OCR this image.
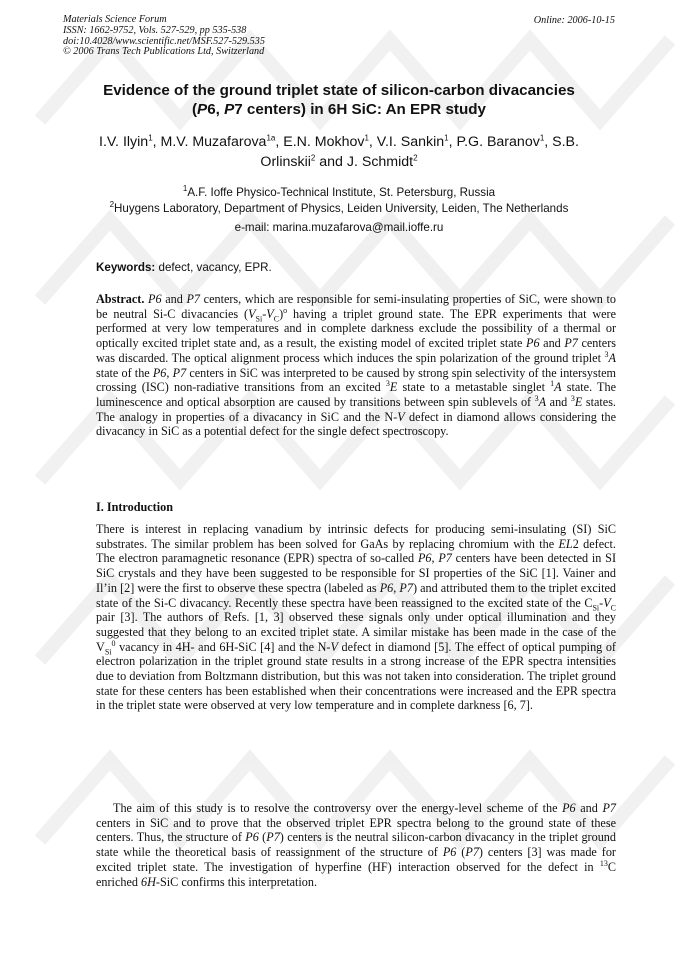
Materials Science Forum
ISSN: 1662-9752, Vols. 527-529, pp 535-538
doi:10.4028/www.scientific.net/MSF.527-529.535
© 2006 Trans Tech Publications Ltd, Switzerland
Online: 2006-10-15
Evidence of the ground triplet state of silicon-carbon divacancies
(P6, P7 centers) in 6H SiC: An EPR study
I.V. Ilyin$^1$, M.V. Muzafarova$^{1a}$, E.N. Mokhov$^1$, V.I. Sankin$^1$, P.G. Baranov$^1$, S.B. Orlinskii$^2$ and J. Schmidt$^2$
$^1$A.F. Ioffe Physico-Technical Institute, St. Petersburg, Russia
$^2$Huygens Laboratory, Department of Physics, Leiden University, Leiden, The Netherlands
e-mail: marina.muzafarova@mail.ioffe.ru
Keywords: defect, vacancy, EPR.

Abstract. P6 and P7 centers, which are responsible for semi-insulating properties of SiC, were shown to be neutral Si-C divacancies $(V_{Si}-V_C)^o$ having a triplet ground state. The EPR experiments that were performed at very low temperatures and in complete darkness exclude the possibility of a thermal or optically excited triplet state and, as a result, the existing model of excited triplet state P6 and P7 centers was discarded. The optical alignment process which induces the spin polarization of the ground triplet $^3$A state of the P6, P7 centers in SiC was interpreted to be caused by strong spin selectivity of the intersystem crossing (ISC) non-radiative transitions from an excited $^3$E state to a metastable singlet $^1$A state. The luminescence and optical absorption are caused by transitions between spin sublevels of $^3$A and $^3$E states. The analogy in properties of a divacancy in SiC and the N-V defect in diamond allows considering the divacancy in SiC as a potential defect for the single defect spectroscopy.

I. Introduction

There is interest in replacing vanadium by intrinsic defects for producing semi-insulating (SI) SiC substrates. The similar problem has been solved for GaAs by replacing chromium with the EL2 defect. The electron paramagnetic resonance (EPR) spectra of so-called P6, P7 centers have been detected in SI SiC crystals and they have been suggested to be responsible for SI properties of the SiC [1]. Vainer and Il’in [2] were the first to observe these spectra (labeled as P6, P7) and attributed them to the triplet excited state of the Si-C divacancy. Recently these spectra have been reassigned to the excited state of the $C_{Si}-V_C$ pair [3]. The authors of Refs. [1, 3] observed these signals only under optical illumination and they suggested that they belong to an excited triplet state. A similar mistake has been made in the case of the $V_{Si}^0$ vacancy in 4H- and 6H-SiC [4] and the N-V defect in diamond [5]. The effect of optical pumping of electron polarization in the triplet ground state results in a strong increase of the EPR spectra intensities due to deviation from Boltzmann distribution, but this was not taken into consideration. The triplet ground state for these centers has been established when their concentrations were increased and the EPR spectra in the triplet state were observed at very low temperature and in complete darkness [6, 7].

The aim of this study is to resolve the controversy over the energy-level scheme of the P6 and P7 centers in SiC and to prove that the observed triplet EPR spectra belong to the ground state of these centers. Thus, the structure of P6 (P7) centers is the neutral silicon-carbon divacancy in the triplet ground state while the theoretical basis of reassignment of the structure of P6 (P7) centers [3] was made for excited triplet state. The investigation of hyperfine (HF) interaction observed for the defect in $^{13}$C enriched 6H-SiC confirms this interpretation.
